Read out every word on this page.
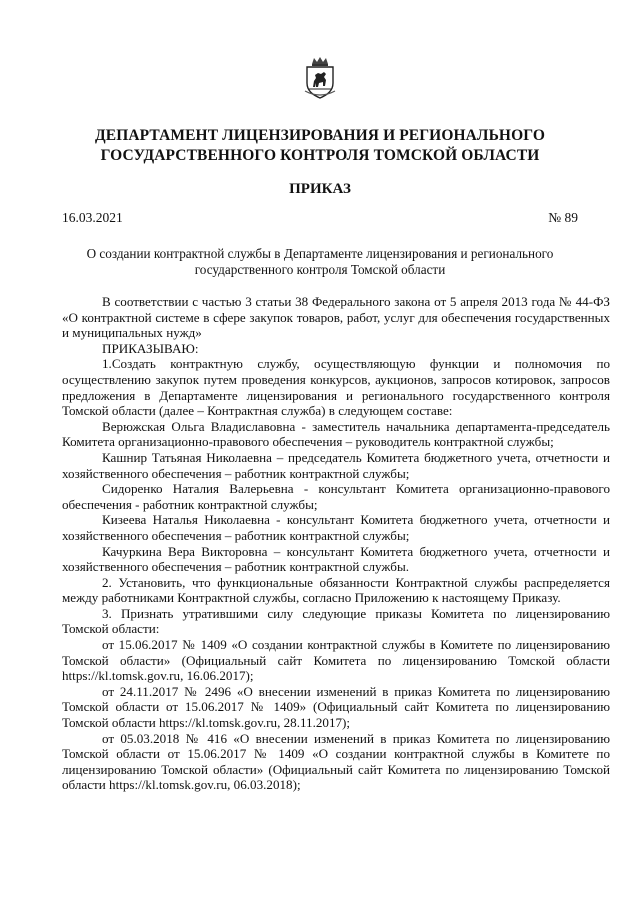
ДЕПАРТАМЕНТ ЛИЦЕНЗИРОВАНИЯ И РЕГИОНАЛЬНОГО
ГОСУДАРСТВЕННОГО КОНТРОЛЯ ТОМСКОЙ ОБЛАСТИ
ПРИКАЗ
16.03.2021	№ 89
О создании контрактной службы в Департаменте лицензирования и регионального
государственного контроля Томской области

В соответствии с частью 3 статьи 38 Федерального закона от 5 апреля 2013 года № 44-ФЗ «О контрактной системе в сфере закупок товаров, работ, услуг для обеспечения государственных и муниципальных нужд»

ПРИКАЗЫВАЮ:

1.Создать контрактную службу, осуществляющую функции и полномочия по осуществлению закупок путем проведения конкурсов, аукционов, запросов котировок, запросов предложения в Департаменте лицензирования и регионального государственного контроля Томской области (далее – Контрактная служба) в следующем составе:

Верюжская Ольга Владиславовна - заместитель начальника департамента-председатель Комитета организационно-правового обеспечения – руководитель контрактной службы;

Кашнир Татьяная Николаевна – председатель Комитета бюджетного учета, отчетности и хозяйственного обеспечения – работник контрактной службы;

Сидоренко Наталия Валерьевна - консультант Комитета организационно-правового обеспечения - работник контрактной службы;

Кизеева Наталья Николаевна - консультант Комитета бюджетного учета, отчетности и хозяйственного обеспечения – работник контрактной службы;

Качуркина Вера Викторовна – консультант Комитета бюджетного учета, отчетности и хозяйственного обеспечения – работник контрактной службы.

2. Установить, что функциональные обязанности Контрактной службы распределяется между работниками Контрактной службы, согласно Приложению к настоящему Приказу.

3. Признать утратившими силу следующие приказы Комитета по лицензированию Томской области:

от 15.06.2017 № 1409 «О создании контрактной службы в Комитете по лицензированию Томской области» (Официальный сайт Комитета по лицензированию Томской области https://kl.tomsk.gov.ru, 16.06.2017);

от 24.11.2017 № 2496 «О внесении изменений в приказ Комитета по лицензированию Томской области от 15.06.2017 № 1409» (Официальный сайт Комитета по лицензированию Томской области https://kl.tomsk.gov.ru, 28.11.2017);

от 05.03.2018 № 416 «О внесении изменений в приказ Комитета по лицензированию Томской области от 15.06.2017 № 1409 «О создании контрактной службы в Комитете по лицензированию Томской области» (Официальный сайт Комитета по лицензированию Томской области https://kl.tomsk.gov.ru, 06.03.2018);
